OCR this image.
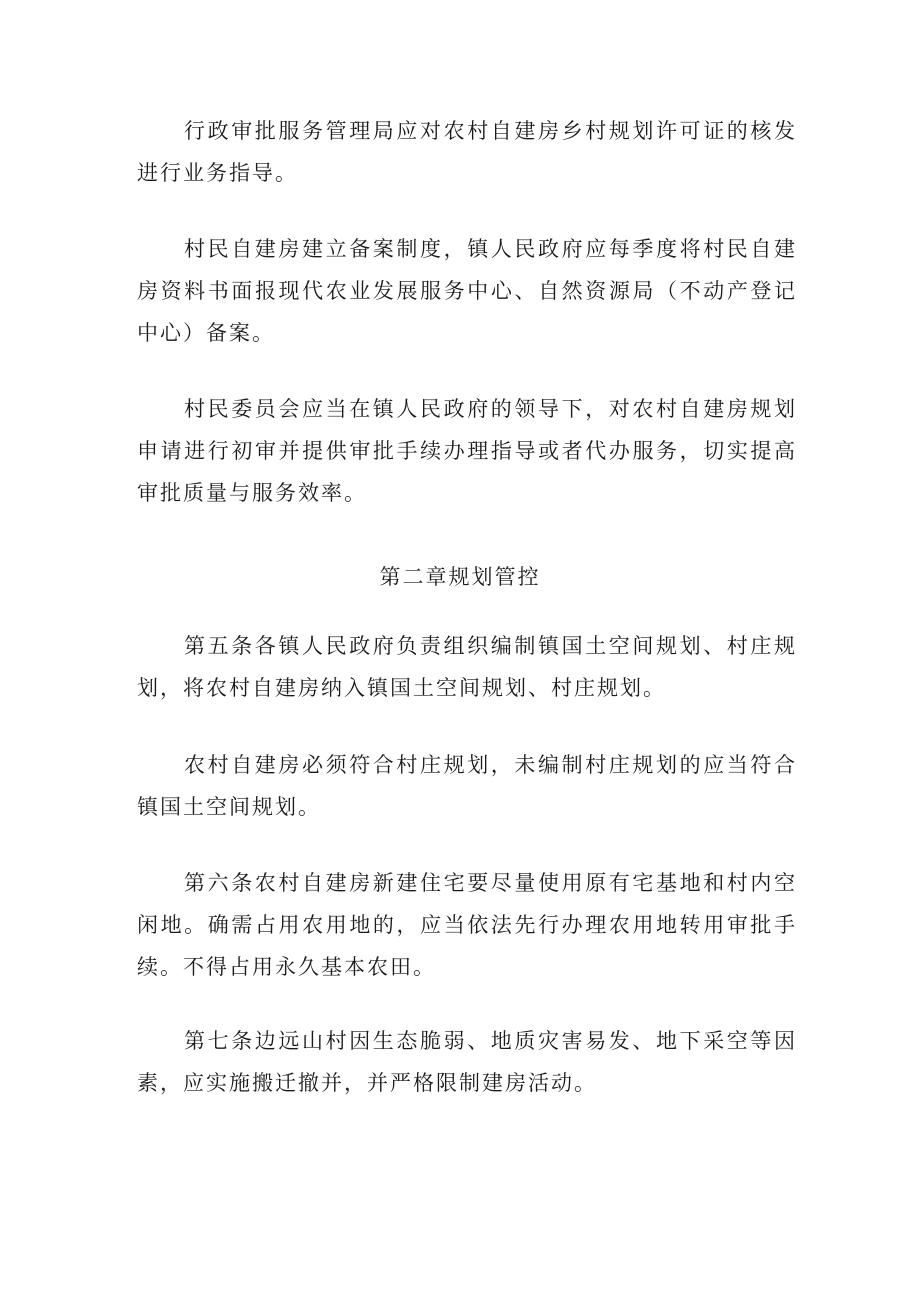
行政审批服务管理局应对农村自建房乡村规划许可证的核发进行业务指导。

村民自建房建立备案制度，镇人民政府应每季度将村民自建房资料书面报现代农业发展服务中心、自然资源局（不动产登记中心）备案。

村民委员会应当在镇人民政府的领导下，对农村自建房规划申请进行初审并提供审批手续办理指导或者代办服务，切实提高审批质量与服务效率。

第二章规划管控

第五条各镇人民政府负责组织编制镇国土空间规划、村庄规划，将农村自建房纳入镇国土空间规划、村庄规划。

农村自建房必须符合村庄规划，未编制村庄规划的应当符合镇国土空间规划。

第六条农村自建房新建住宅要尽量使用原有宅基地和村内空闲地。确需占用农用地的，应当依法先行办理农用地转用审批手续。不得占用永久基本农田。

第七条边远山村因生态脆弱、地质灾害易发、地下采空等因素，应实施搬迁撤并，并严格限制建房活动。
